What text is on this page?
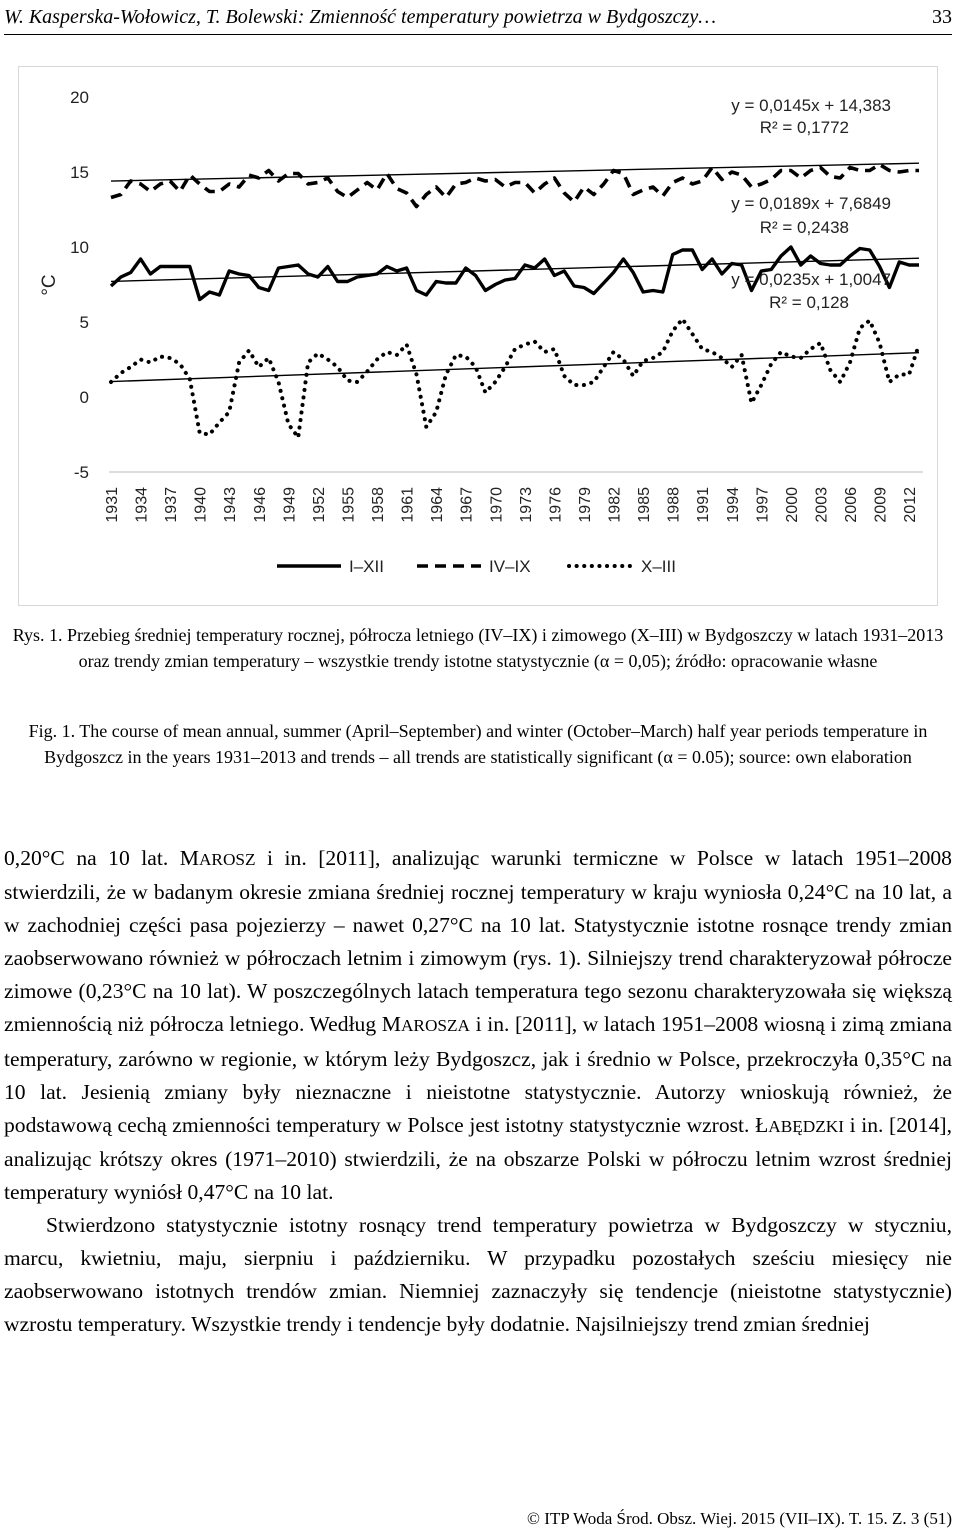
W. Kasperska-Wołowicz, T. Bolewski: Zmienność temperatury powietrza w Bydgoszczy…	33
-5
0
5
10
15
20
°C
1931 1934 1937 1940 1943 1946 1949 1952 1955 1958 1961 1964 1967 1970 1973 1976 1979 1982 1985 1988 1991 1994 1997 2000 2003 2006 2009 2012
y = 0,0145x + 14,383
R² = 0,1772
y = 0,0189x + 7,6849
R² = 0,2438
y = 0,0235x + 1,0047
R² = 0,128
I–XII	IV–IX	X–III
Rys. 1. Przebieg średniej temperatury rocznej, półrocza letniego (IV–IX) i zimowego (X–III) w Bydgoszczy w latach 1931–2013 oraz trendy zmian temperatury – wszystkie trendy istotne statystycznie (α = 0,05); źródło: opracowanie własne
Fig. 1. The course of mean annual, summer (April–September) and winter (October–March) half year periods temperature in Bydgoszcz in the years 1931–2013 and trends – all trends are statistically significant (α = 0.05); source: own elaboration

0,20°C na 10 lat. MAROSZ i in. [2011], analizując warunki termiczne w Polsce w latach 1951–2008 stwierdzili, że w badanym okresie zmiana średniej rocznej temperatury w kraju wyniosła 0,24°C na 10 lat, a w zachodniej części pasa pojezierzy – nawet 0,27°C na 10 lat. Statystycznie istotne rosnące trendy zmian zaobserwowano również w półroczach letnim i zimowym (rys. 1). Silniejszy trend charakteryzował półrocze zimowe (0,23°C na 10 lat). W poszczególnych latach temperatura tego sezonu charakteryzowała się większą zmiennością niż półrocza letniego. Według MAROSZA i in. [2011], w latach 1951–2008 wiosną i zimą zmiana temperatury, zarówno w regionie, w którym leży Bydgoszcz, jak i średnio w Polsce, przekroczyła 0,35°C na 10 lat. Jesienią zmiany były nieznaczne i nieistotne statystycznie. Autorzy wnioskują również, że podstawową cechą zmienności temperatury w Polsce jest istotny statystycznie wzrost. ŁABĘDZKI i in. [2014], analizując krótszy okres (1971–2010) stwierdzili, że na obszarze Polski w półroczu letnim wzrost średniej temperatury wyniósł 0,47°C na 10 lat.

Stwierdzono statystycznie istotny rosnący trend temperatury powietrza w Bydgoszczy w styczniu, marcu, kwietniu, maju, sierpniu i październiku. W przypadku pozostałych sześciu miesięcy nie zaobserwowano istotnych trendów zmian. Niemniej zaznaczyły się tendencje (nieistotne statystycznie) wzrostu temperatury. Wszystkie trendy i tendencje były dodatnie. Najsilniejszy trend zmian średniej

© ITP Woda Środ. Obsz. Wiej. 2015 (VII–IX). T. 15. Z. 3 (51)
